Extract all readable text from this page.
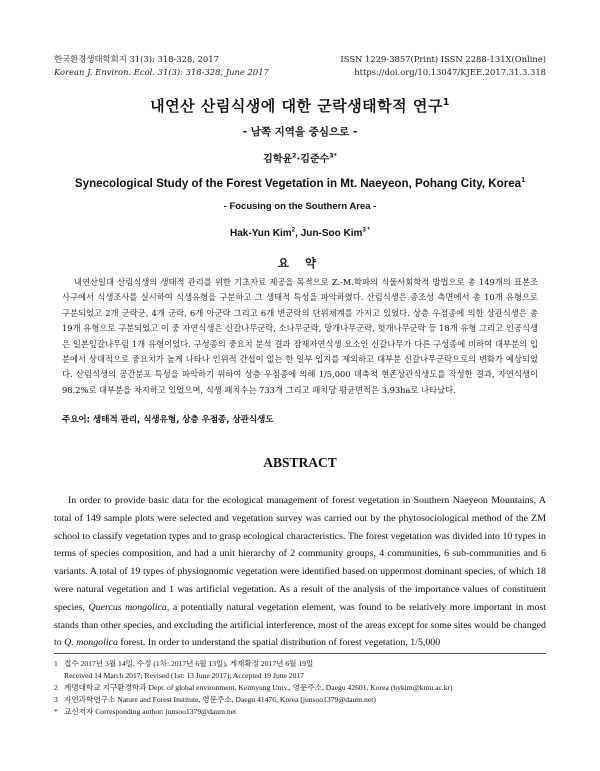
한국환경생태학회지 31(3): 318-328, 2017
Korean J. Environ. Ecol. 31(3): 318-328, June 2017
ISSN 1229-3857(Print) ISSN 2288-131X(Online)
https://doi.org/10.13047/KJEE.2017.31.3.318
내연산 산림식생에 대한 군락생태학적 연구$^1$
- 남쪽 지역을 중심으로 -
김학윤$^2$·김준수$^{3*}$
Synecological Study of the Forest Vegetation in Mt. Naeyeon, Pohang City, Korea$^1$
- Focusing on the Southern Area -
Hak-Yun Kim$^2$, Jun-Soo Kim$^{3 *}$
요 약

내연산일대 산림식생의 생태적 관리를 위한 기초자료 제공을 목적으로 Z.-M.학파의 식물사회학적 방법으로 총 149개의 표본조사구에서 식생조사를 실시하여 식생유형을 구분하고 그 생태적 특성을 파악하였다. 산림식생은 종조성 측면에서 총 10개 유형으로 구분되었고 2개 군락군, 4개 군락, 6개 아군락 그리고 6개 변군락의 단위체계를 가지고 있었다. 상층 우점종에 의한 상관식생은 총 19개 유형으로 구분되었고 이 중 자연식생은 신갈나무군락, 소나무군락, 망개나무군락, 헛개나무군락 등 18개 유형 그리고 인공식생은 일본잎갈나무림 1개 유형이었다. 구성종의 중요치 분석 결과 잠재자연식생 요소인 신갈나무가 다른 구성종에 비하여 대부분의 입분에서 상대적으로 중요치가 높게 나타나 인위적 간섭이 없는 한 일부 입지를 제외하고 대부분 신갈나무군락으로의 변화가 예상되었다. 산림식생의 공간분포 특성을 파악하기 위하여 상층 우점종에 의해 1/5,000 대축척 현존상관식생도를 작성한 결과, 자연식생이 98.2%로 대부분을 차지하고 있었으며, 식생 패치수는 733개 그리고 패치당 평균면적은 3.93ha로 나타났다.

주요어: 생태적 관리, 식생유형, 상층 우점종, 상관식생도
ABSTRACT

In order to provide basic data for the ecological management of forest vegetation in Southern Naeyeon Mountains, A total of 149 sample plots were selected and vegetation survey was carried out by the phytosociological method of the ZM school to classify vegetation types and to grasp ecological characteristics. The forest vegetation was divided into 10 types in terms of species composition, and had a unit hierarchy of 2 community groups, 4 communities, 6 sub-communities and 6 variants. A total of 19 types of physiognomic vegetation were identified based on uppermost dominant species, of which 18 were natural vegetation and 1 was artificial vegetation. As a result of the analysis of the importance values of constituent species, Quercus mongolica, a potentially natural vegetation element, was found to be relatively more important in most stands than other species, and excluding the artificial interference, most of the areas except for some sites would be changed to Q. mongolica forest. In order to understand the spatial distribution of forest vegetation, 1/5,000

1 접수 2017년 3월 14일, 수정 (1차: 2017년 6월 13일), 게재확정 2017년 6월 19일
Received 14 March 2017; Revised (1st: 13 June 2017); Accepted 19 June 2017
2 계명대학교 지구환경학과 Dept. of global environment, Keimyung Univ., 영문주소, Daegu 42601, Korea (hykim@kmu.ac.kr)
3 자연과학연구소 Nature and Forest Institute, 영문주소, Daegu 41476, Korea (junsoo1379@daum.net)
* 교신저자 Corresponding author: junsoo1379@daum.net
